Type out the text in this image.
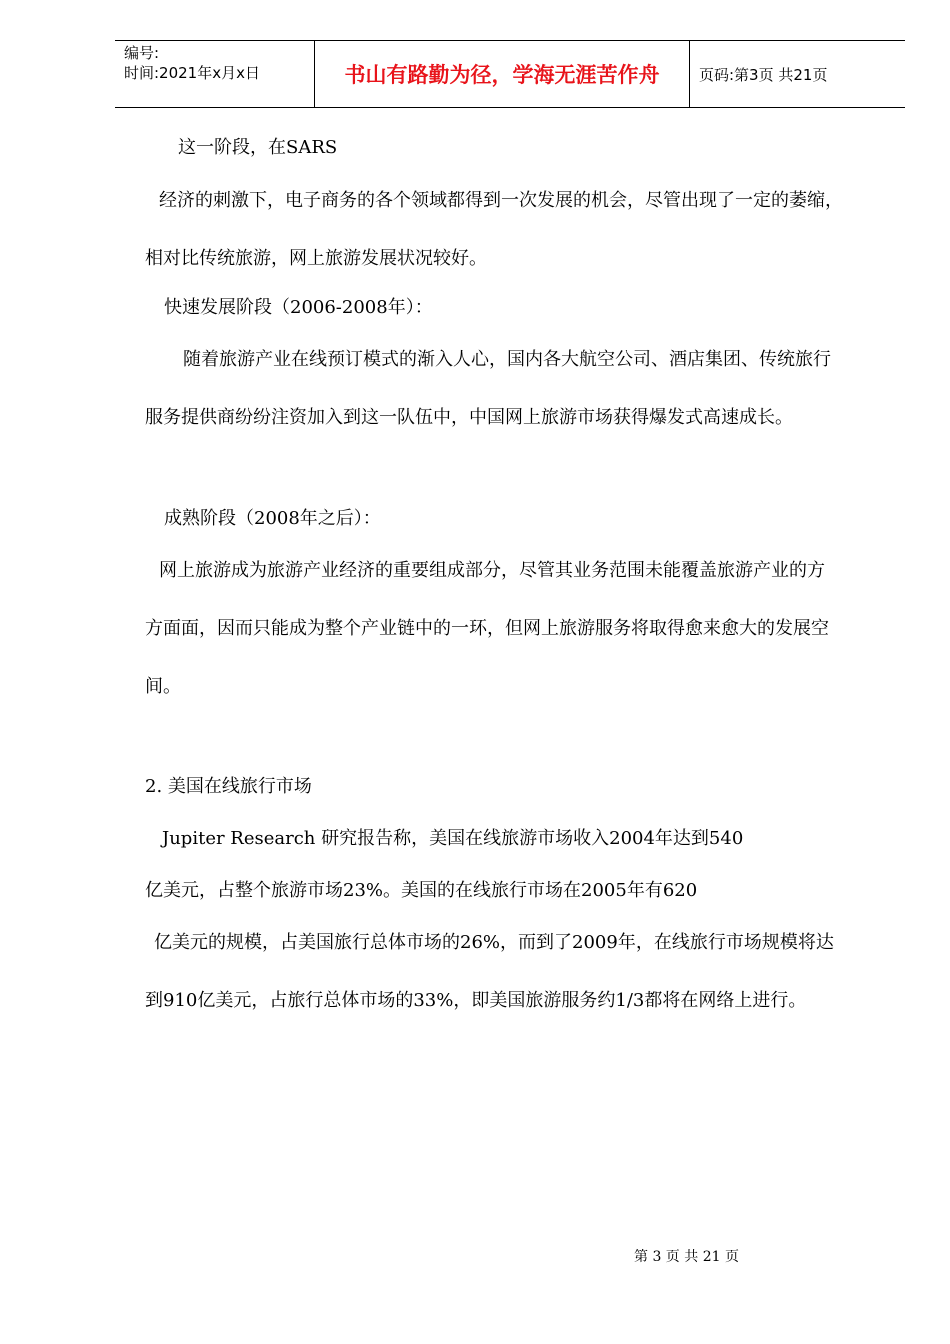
编号:
时间:2021年x月x日	书山有路勤为径，学海无涯苦作舟	页码:第3页 共21页
这一阶段，在SARS
经济的刺激下，电子商务的各个领域都得到一次发展的机会，尽管出现了一定的萎缩，
相对比传统旅游，网上旅游发展状况较好。
快速发展阶段（2006-2008年）：
随着旅游产业在线预订模式的渐入人心，国内各大航空公司、酒店集团、传统旅行
服务提供商纷纷注资加入到这一队伍中，中国网上旅游市场获得爆发式高速成长。
成熟阶段（2008年之后）：
网上旅游成为旅游产业经济的重要组成部分，尽管其业务范围未能覆盖旅游产业的方
方面面，因而只能成为整个产业链中的一环，但网上旅游服务将取得愈来愈大的发展空
间。
2. 美国在线旅行市场
Jupiter Research 研究报告称，美国在线旅游市场收入2004年达到540
亿美元，占整个旅游市场23%。美国的在线旅行市场在2005年有620
亿美元的规模，占美国旅行总体市场的26%，而到了2009年，在线旅行市场规模将达
到910亿美元，占旅行总体市场的33%，即美国旅游服务约1/3都将在网络上进行。
第 3 页 共 21 页
